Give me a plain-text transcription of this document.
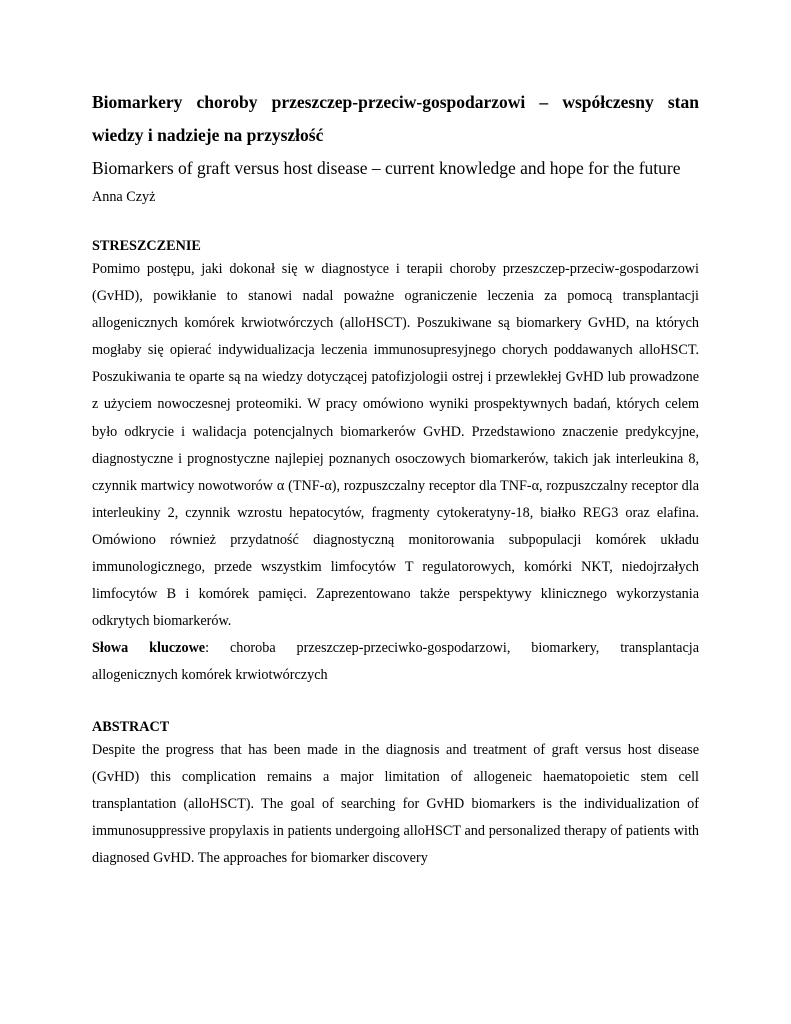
Biomarkery choroby przeszczep-przeciw-gospodarzowi – współczesny stan wiedzy i nadzieje na przyszłość

Biomarkers of graft versus host disease – current knowledge and hope for the future

Anna Czyż

STRESZCZENIE

Pomimo postępu, jaki dokonał się w diagnostyce i terapii choroby przeszczep-przeciw-gospodarzowi (GvHD), powikłanie to stanowi nadal poważne ograniczenie leczenia za pomocą transplantacji allogenicznych komórek krwiotwórczych (alloHSCT). Poszukiwane są biomarkery GvHD, na których mogłaby się opierać indywidualizacja leczenia immunosupresyjnego chorych poddawanych alloHSCT. Poszukiwania te oparte są na wiedzy dotyczącej patofizjologii ostrej i przewlekłej GvHD lub prowadzone z użyciem nowoczesnej proteomiki. W pracy omówiono wyniki prospektywnych badań, których celem było odkrycie i walidacja potencjalnych biomarkerów GvHD. Przedstawiono znaczenie predykcyjne, diagnostyczne i prognostyczne najlepiej poznanych osoczowych biomarkerów, takich jak interleukina 8, czynnik martwicy nowotworów α (TNF-α), rozpuszczalny receptor dla TNF-α, rozpuszczalny receptor dla interleukiny 2, czynnik wzrostu hepatocytów, fragmenty cytokeratyny-18, białko REG3 oraz elafina. Omówiono również przydatność diagnostyczną monitorowania subpopulacji komórek układu immunologicznego, przede wszystkim limfocytów T regulatorowych, komórki NKT, niedojrzałych limfocytów B i komórek pamięci. Zaprezentowano także perspektywy klinicznego wykorzystania odkrytych biomarkerów.

Słowa kluczowe: choroba przeszczep-przeciwko-gospodarzowi, biomarkery, transplantacja allogenicznych komórek krwiotwórczych

ABSTRACT

Despite the progress that has been made in the diagnosis and treatment of graft versus host disease (GvHD) this complication remains a major limitation of allogeneic haematopoietic stem cell transplantation (alloHSCT). The goal of searching for GvHD biomarkers is the individualization of immunosuppressive propylaxis in patients undergoing alloHSCT and personalized therapy of patients with diagnosed GvHD. The approaches for biomarker discovery
